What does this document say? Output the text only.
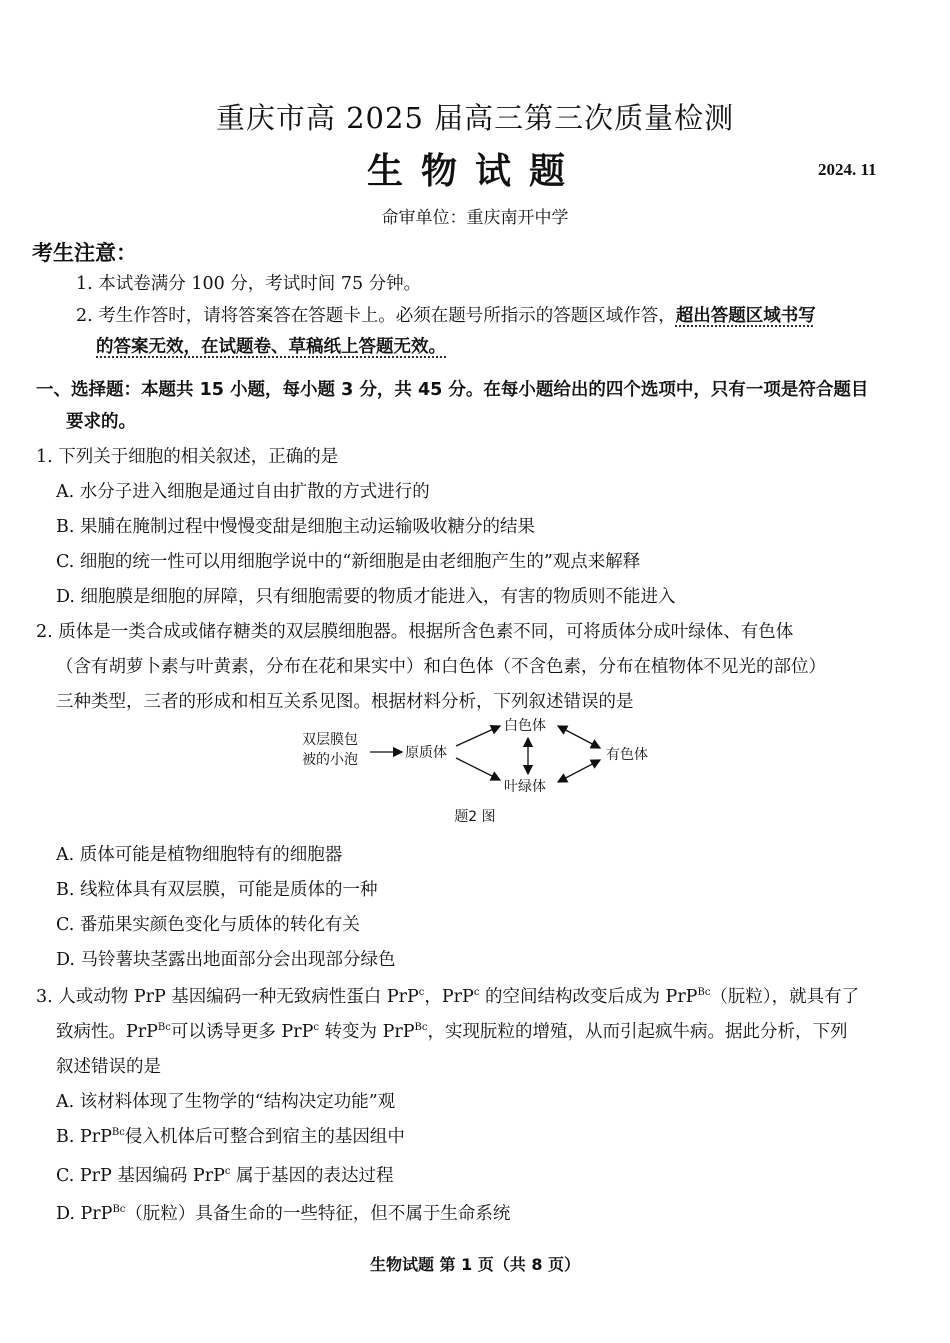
重庆市高 2025 届高三第三次质量检测
生物试题	2024. 11
命审单位：重庆南开中学
考生注意：
1. 本试卷满分 100 分，考试时间 75 分钟。
2. 考生作答时，请将答案答在答题卡上。必须在题号所指示的答题区域作答，超出答题区域书写
的答案无效，在试题卷、草稿纸上答题无效。
一、选择题：本题共 15 小题，每小题 3 分，共 45 分。在每小题给出的四个选项中，只有一项是符合题目
要求的。
1. 下列关于细胞的相关叙述，正确的是
A. 水分子进入细胞是通过自由扩散的方式进行的
B. 果脯在腌制过程中慢慢变甜是细胞主动运输吸收糖分的结果
C. 细胞的统一性可以用细胞学说中的“新细胞是由老细胞产生的”观点来解释
D. 细胞膜是细胞的屏障，只有细胞需要的物质才能进入，有害的物质则不能进入
2. 质体是一类合成或储存糖类的双层膜细胞器。根据所含色素不同，可将质体分成叶绿体、有色体
（含有胡萝卜素与叶黄素，分布在花和果实中）和白色体（不含色素，分布在植物体不见光的部位）
三种类型，三者的形成和相互关系见图。根据材料分析，下列叙述错误的是
双层膜包
被的小泡	原质体
白色体
叶绿体
有色体
题2 图
A. 质体可能是植物细胞特有的细胞器
B. 线粒体具有双层膜，可能是质体的一种
C. 番茄果实颜色变化与质体的转化有关
D. 马铃薯块茎露出地面部分会出现部分绿色
3. 人或动物 PrP 基因编码一种无致病性蛋白 PrP$^c$，PrP$^c$ 的空间结构改变后成为 PrP$^{Bc}$（朊粒），就具有了
致病性。PrP$^{Bc}$可以诱导更多 PrP$^c$ 转变为 PrP$^{Bc}$，实现朊粒的增殖，从而引起疯牛病。据此分析，下列
叙述错误的是
A. 该材料体现了生物学的“结构决定功能”观
B. PrP$^{Bc}$侵入机体后可整合到宿主的基因组中
C. PrP 基因编码 PrP$^c$ 属于基因的表达过程
D. PrP$^{Bc}$（朊粒）具备生命的一些特征，但不属于生命系统
生物试题 第 1 页（共 8 页）
